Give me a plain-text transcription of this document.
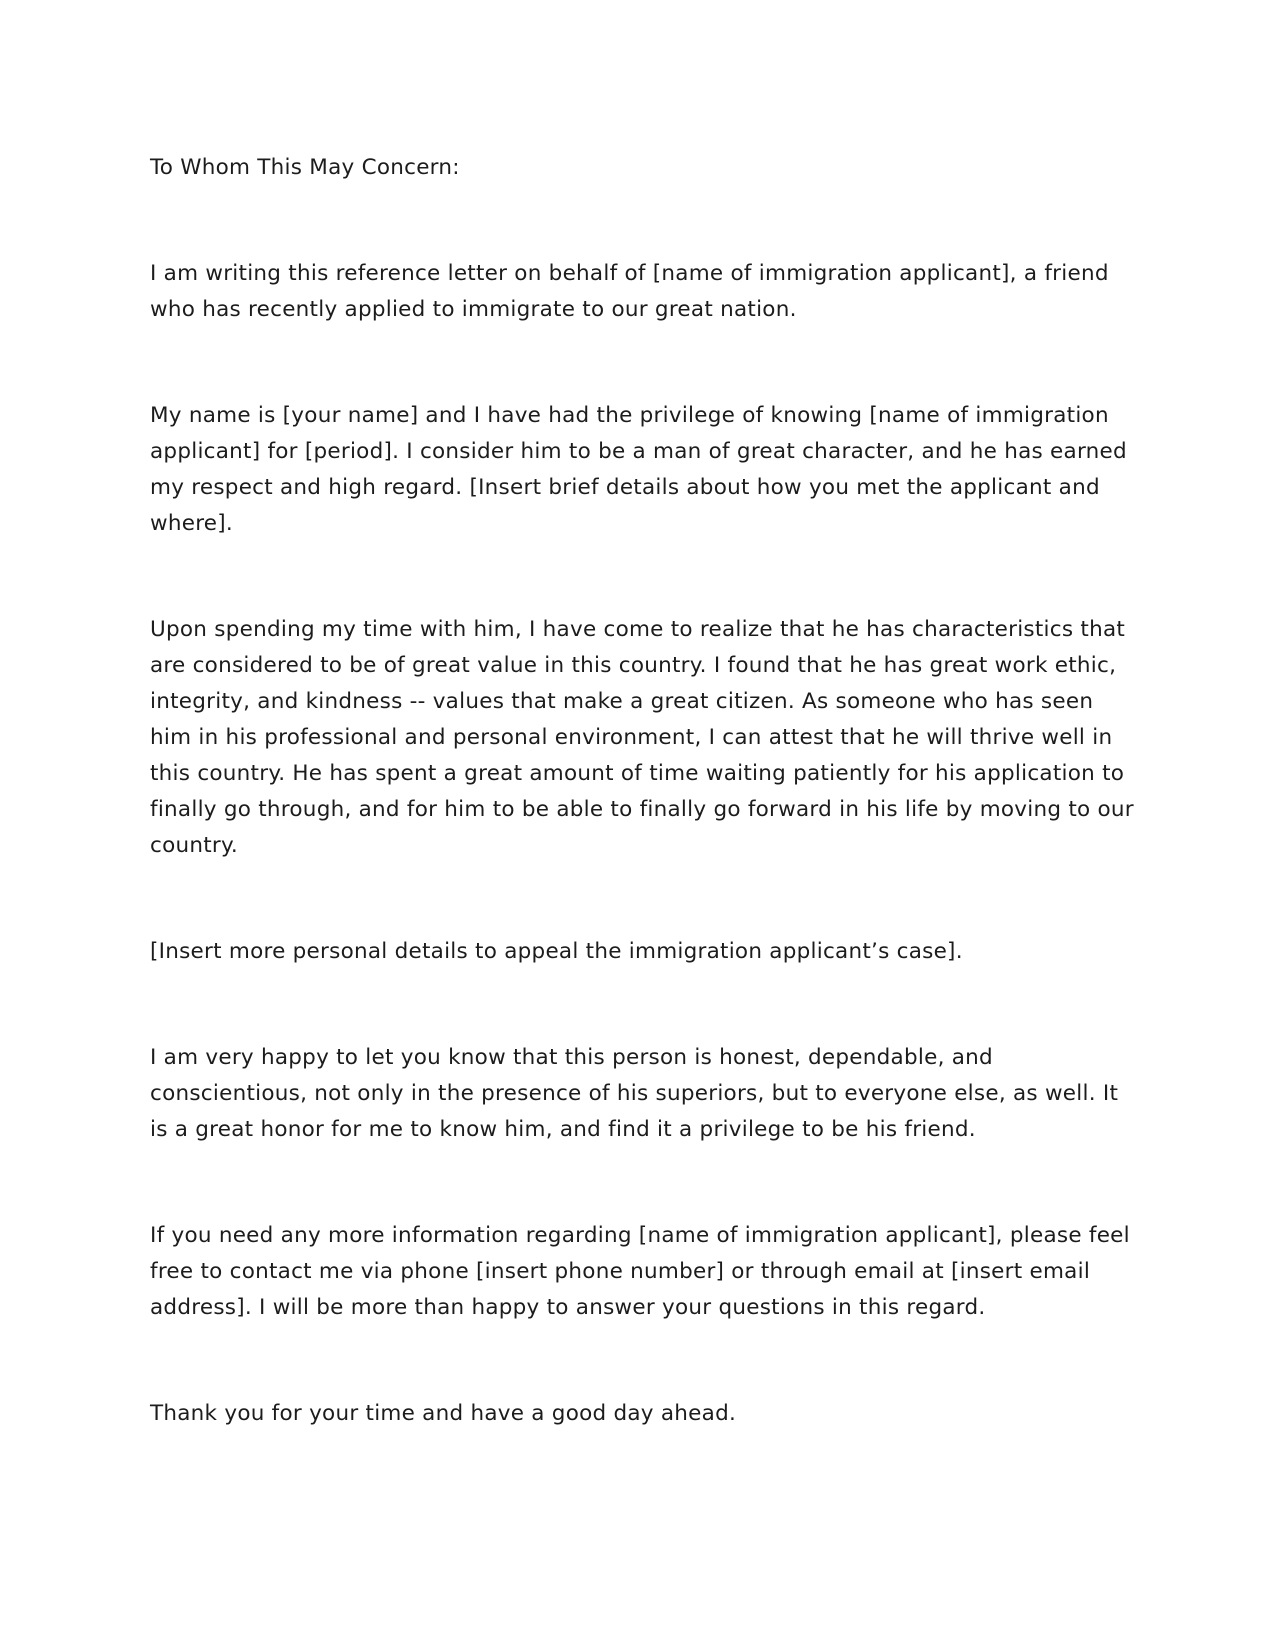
To Whom This May Concern:

I am writing this reference letter on behalf of [name of immigration applicant], a friend who has recently applied to immigrate to our great nation.

My name is [your name] and I have had the privilege of knowing [name of immigration applicant] for [period]. I consider him to be a man of great character, and he has earned my respect and high regard. [Insert brief details about how you met the applicant and where].

Upon spending my time with him, I have come to realize that he has characteristics that are considered to be of great value in this country. I found that he has great work ethic, integrity, and kindness -- values that make a great citizen. As someone who has seen him in his professional and personal environment, I can attest that he will thrive well in this country. He has spent a great amount of time waiting patiently for his application to finally go through, and for him to be able to finally go forward in his life by moving to our country.

[Insert more personal details to appeal the immigration applicant’s case].

I am very happy to let you know that this person is honest, dependable, and conscientious, not only in the presence of his superiors, but to everyone else, as well. It is a great honor for me to know him, and find it a privilege to be his friend.

If you need any more information regarding [name of immigration applicant], please feel free to contact me via phone [insert phone number] or through email at [insert email address]. I will be more than happy to answer your questions in this regard.

Thank you for your time and have a good day ahead.
